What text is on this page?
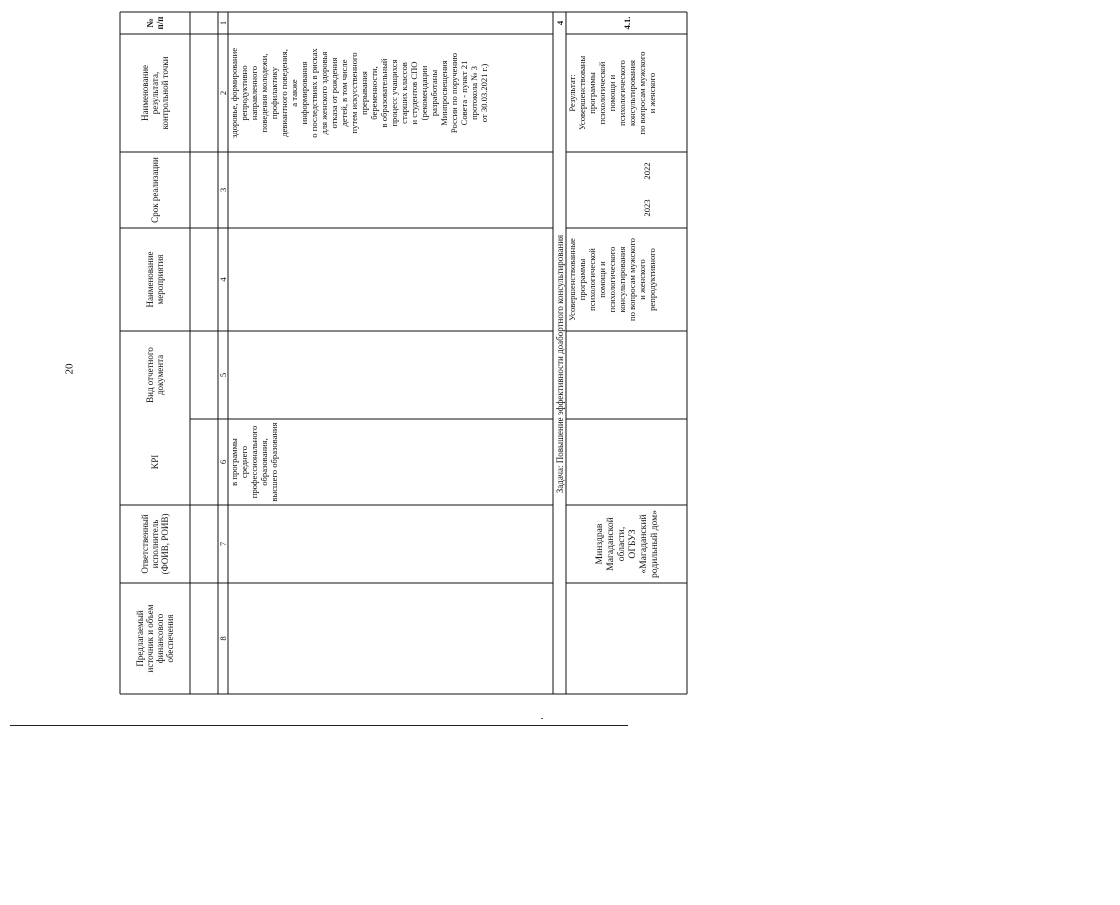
20
Предлагаемый
источник и объем
финансового
обеспечения
Ответственный
исполнитель
(ФОИВ, РОИВ)
KPI
Вид отчетного
документа
Наименование
мероприятия
Срок реализации
Наименование
результата,
контрольной точки
№
п/п
8
7
6
5
4
3
2
1
в программы
среднего
профессионального
образования,
высшего образования
здоровье, формирование
репродуктивно
направленного
поведения молодежи,
профилактику
девиантного поведения,
а также
информирования
о последствиях в рисках
для женского здоровья
отказа от рождения
детей, в том числе
путем искусственного
прерывания
беременности,
в образовательный
процесс учащихся
старших классов
и студентов СПО
(рекомендации
разработаны
Минпросвещения
России по поручению
Совета - пункт 21
протокола № 3
от 30.03.2021 г.)
Задача: Повышение эффективности доабортного консультирования
4
Минздрав
Магаданской
области,
ОГБУЗ
«Магаданский
родильный дом»
Усовершенствованные
программы
психологической
помощи и
психологического
консультирования
по вопросам мужского
и женского
репродуктивного
2023
2022
Результат:
Усовершенствованы
программы
психологической
помощи и
психологического
консультирования
по вопросам мужского
и женского
4.1.
